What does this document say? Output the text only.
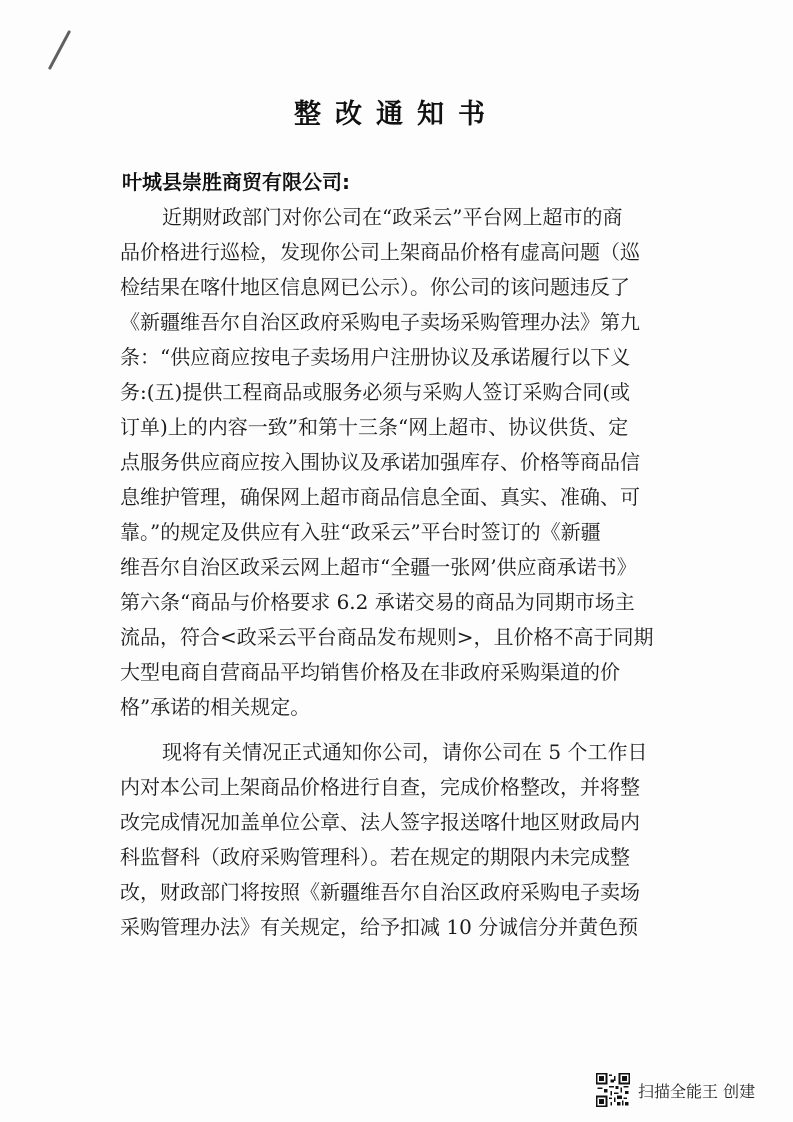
整改通知书
叶城县崇胜商贸有限公司:
近期财政部门对你公司在“政采云”平台网上超市的商
品价格进行巡检，发现你公司上架商品价格有虚高问题（巡
检结果在喀什地区信息网已公示）。你公司的该问题违反了
《新疆维吾尔自治区政府采购电子卖场采购管理办法》第九
条：“供应商应按电子卖场用户注册协议及承诺履行以下义
务:(五)提供工程商品或服务必须与采购人签订采购合同(或
订单)上的内容一致”和第十三条“网上超市、协议供货、定
点服务供应商应按入围协议及承诺加强库存、价格等商品信
息维护管理，确保网上超市商品信息全面、真实、准确、可
靠。”的规定及供应有入驻“政采云”平台时签订的《新疆
维吾尔自治区政采云网上超市“全疆一张网’供应商承诺书》
第六条“商品与价格要求 6.2 承诺交易的商品为同期市场主
流品，符合<政采云平台商品发布规则>，且价格不高于同期
大型电商自营商品平均销售价格及在非政府采购渠道的价
格”承诺的相关规定。
现将有关情况正式通知你公司，请你公司在 5 个工作日
内对本公司上架商品价格进行自查，完成价格整改，并将整
改完成情况加盖单位公章、法人签字报送喀什地区财政局内
科监督科（政府采购管理科）。若在规定的期限内未完成整
改，财政部门将按照《新疆维吾尔自治区政府采购电子卖场
采购管理办法》有关规定，给予扣减 10 分诚信分并黄色预
扫描全能王 创建
